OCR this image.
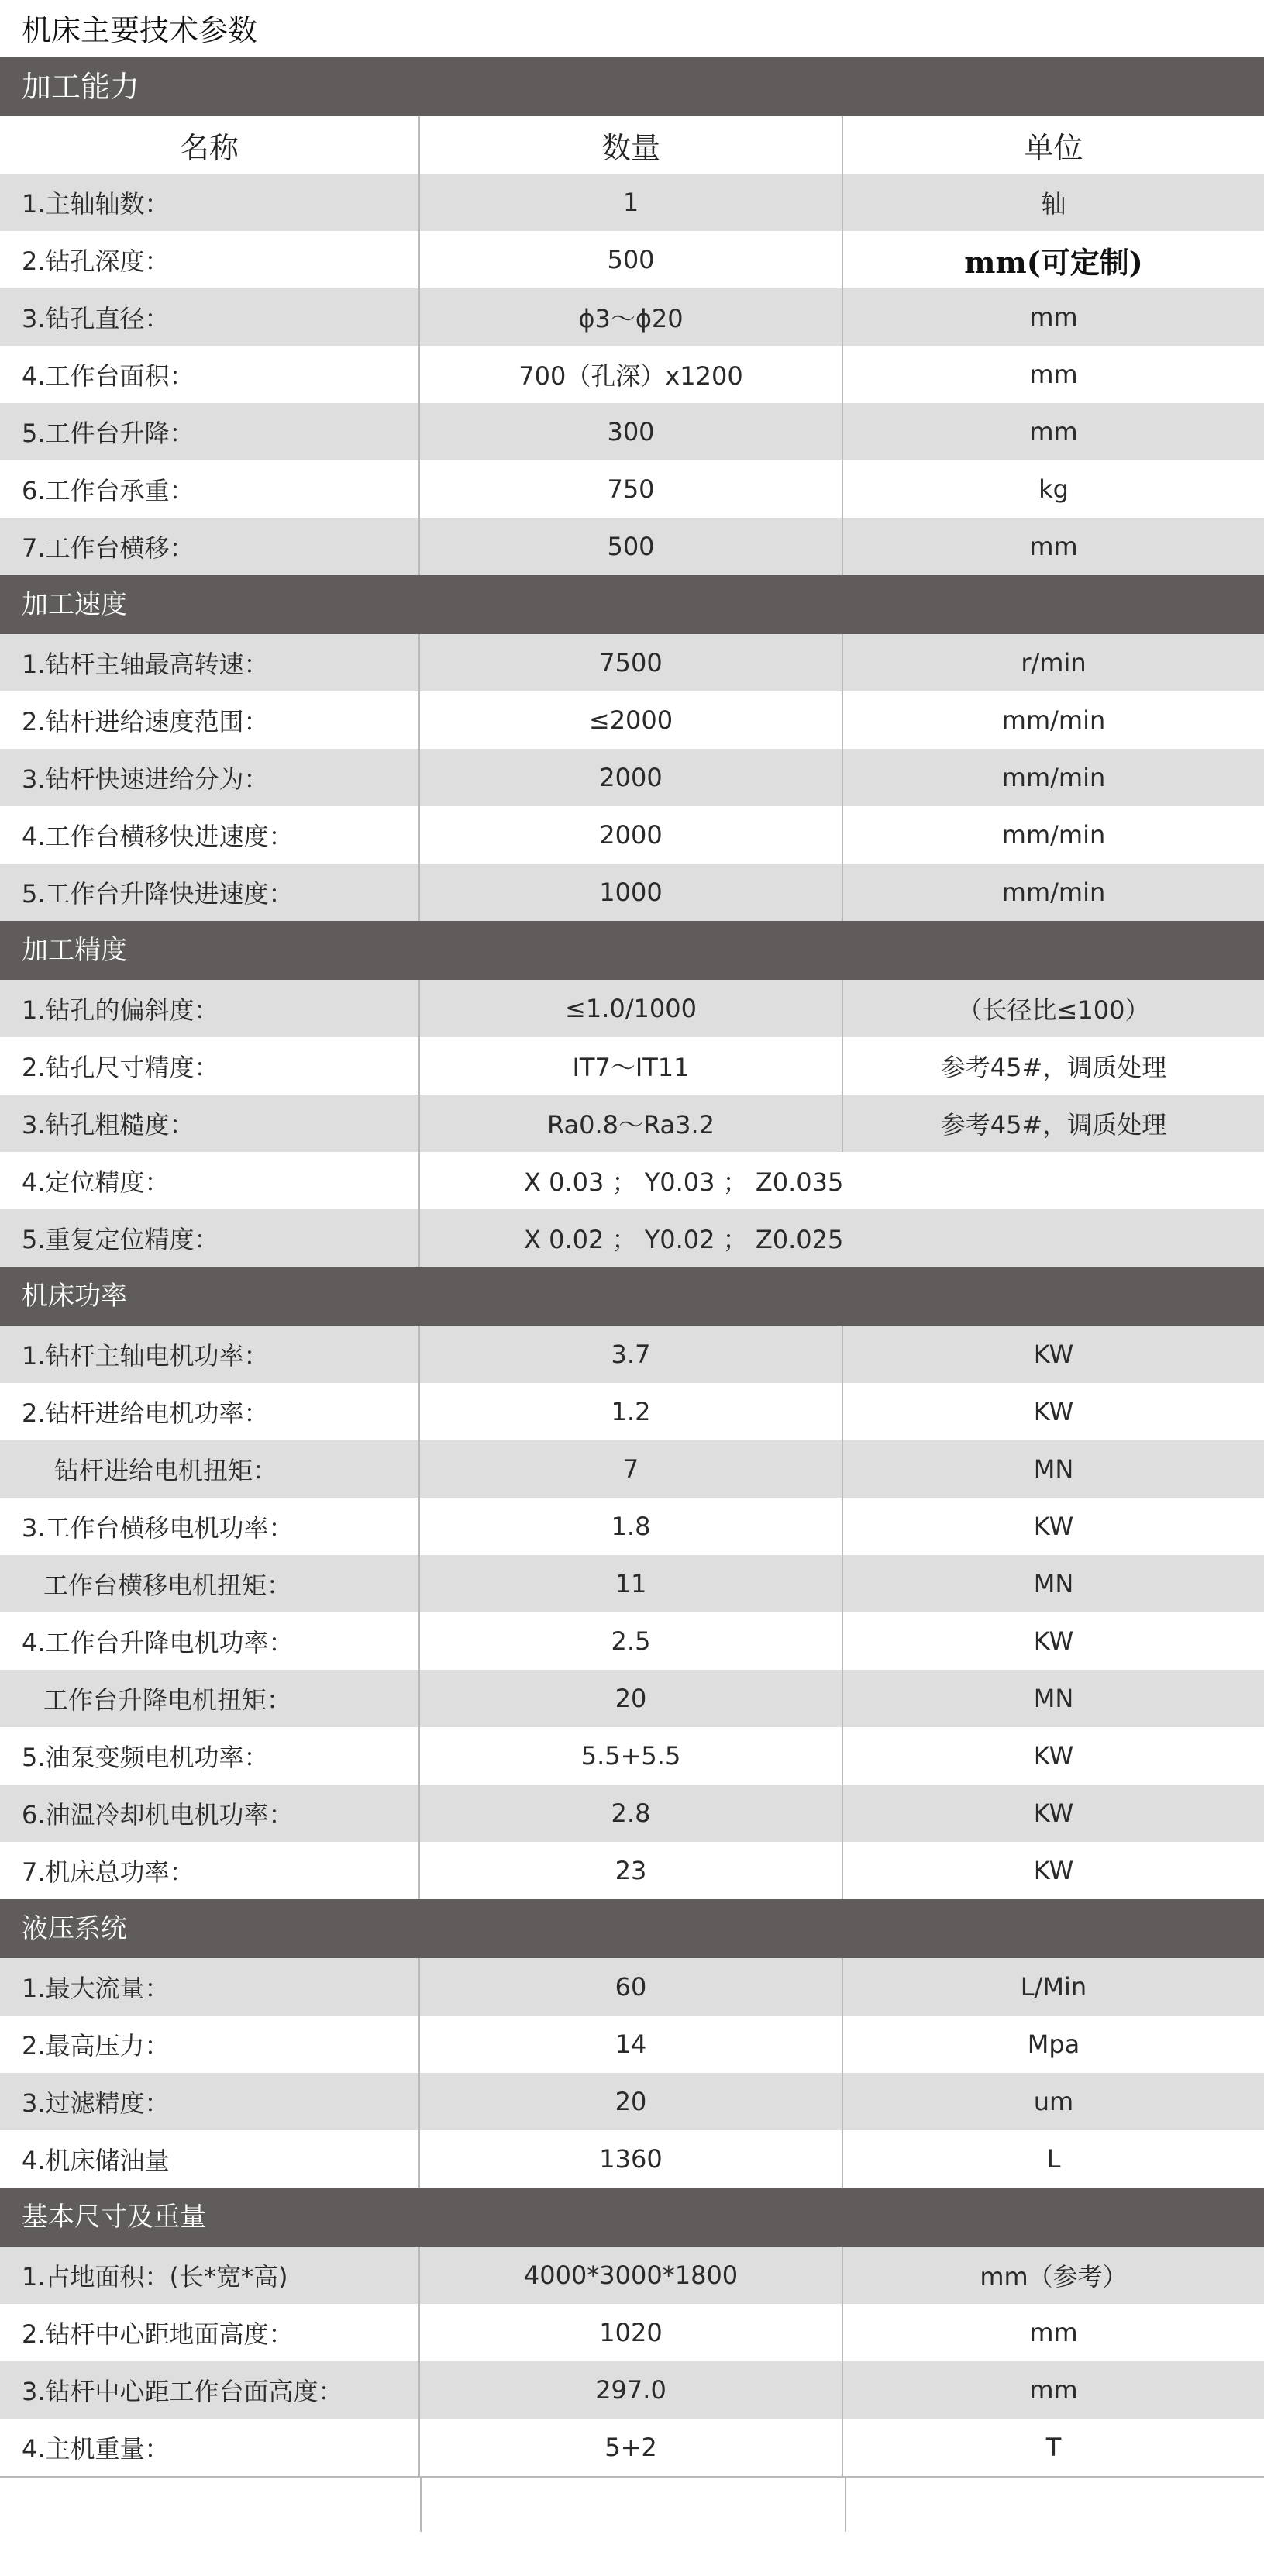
机床主要技术参数
加工能力
名称	数量	单位
1.主轴轴数：	1	轴
2.钻孔深度：	500	mm(可定制)
3.钻孔直径：	ϕ3～ϕ20	mm
4.工作台面积：	700（孔深）x1200	mm
5.工件台升降：	300	mm
6.工作台承重：	750	kg
7.工作台横移：	500	mm
加工速度
1.钻杆主轴最高转速：	7500	r/min
2.钻杆进给速度范围：	≤2000	mm/min
3.钻杆快速进给分为：	2000	mm/min
4.工作台横移快进速度：	2000	mm/min
5.工作台升降快进速度：	1000	mm/min
加工精度
1.钻孔的偏斜度：	≤1.0/1000	（长径比≤100）
2.钻孔尺寸精度：	IT7～IT11	参考45#，调质处理
3.钻孔粗糙度：	Ra0.8～Ra3.2	参考45#，调质处理
4.定位精度：	X 0.03 ； Y0.03 ； Z0.035
5.重复定位精度：	X 0.02 ； Y0.02 ； Z0.025
机床功率
1.钻杆主轴电机功率：	3.7	KW
2.钻杆进给电机功率：	1.2	KW
钻杆进给电机扭矩：	7	MN
3.工作台横移电机功率：	1.8	KW
工作台横移电机扭矩：	11	MN
4.工作台升降电机功率：	2.5	KW
工作台升降电机扭矩：	20	MN
5.油泵变频电机功率：	5.5+5.5	KW
6.油温冷却机电机功率：	2.8	KW
7.机床总功率：	23	KW
液压系统
1.最大流量：	60	L/Min
2.最高压力：	14	Mpa
3.过滤精度：	20	um
4.机床储油量	1360	L
基本尺寸及重量
1.占地面积：(长*宽*高)	4000*3000*1800	mm（参考）
2.钻杆中心距地面高度：	1020	mm
3.钻杆中心距工作台面高度：	297.0	mm
4.主机重量：	5+2	T
